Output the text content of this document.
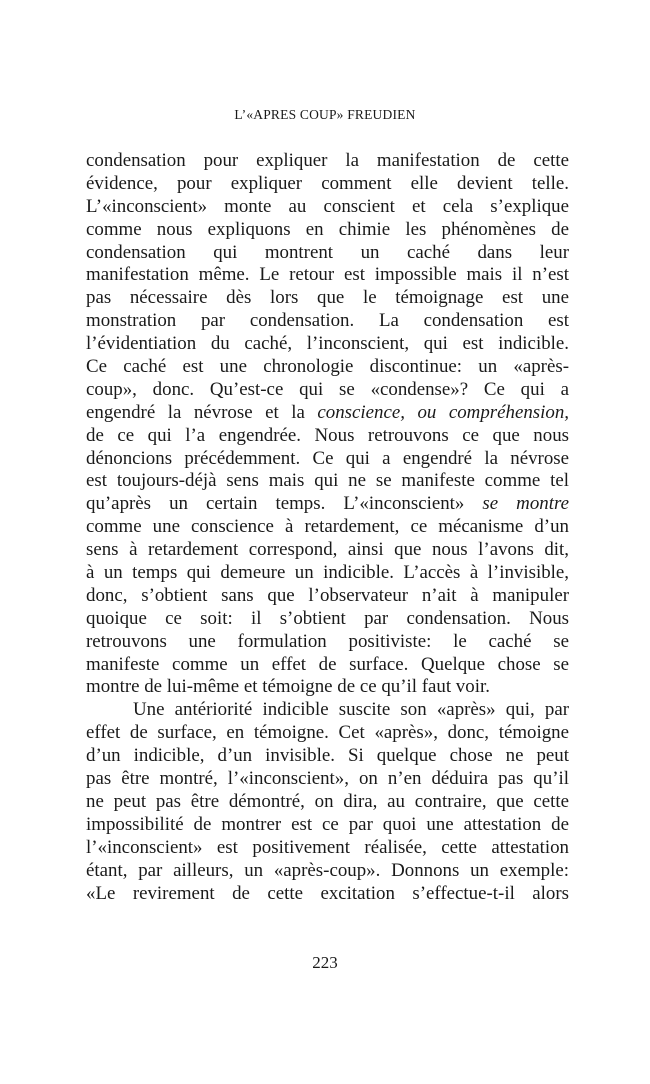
L’«APRES COUP» FREUDIEN
condensation pour expliquer la manifestation de cette
évidence, pour expliquer comment elle devient telle.
L’«inconscient» monte au conscient et cela s’explique
comme nous expliquons en chimie les phénomènes de
condensation qui montrent un caché dans leur
manifestation même. Le retour est impossible mais il n’est
pas nécessaire dès lors que le témoignage est une
monstration par condensation. La condensation est
l’évidentiation du caché, l’inconscient, qui est indicible.
Ce caché est une chronologie discontinue: un «après-
coup», donc. Qu’est-ce qui se «condense»? Ce qui a
engendré la névrose et la conscience, ou compréhension,
de ce qui l’a engendrée. Nous retrouvons ce que nous
dénoncions précédemment. Ce qui a engendré la névrose
est toujours-déjà sens mais qui ne se manifeste comme tel
qu’après un certain temps. L’«inconscient» se montre
comme une conscience à retardement, ce mécanisme d’un
sens à retardement correspond, ainsi que nous l’avons dit,
à un temps qui demeure un indicible. L’accès à l’invisible,
donc, s’obtient sans que l’observateur n’ait à manipuler
quoique ce soit: il s’obtient par condensation. Nous
retrouvons une formulation positiviste: le caché se
manifeste comme un effet de surface. Quelque chose se
montre de lui-même et témoigne de ce qu’il faut voir.
Une antériorité indicible suscite son «après» qui, par
effet de surface, en témoigne. Cet «après», donc, témoigne
d’un indicible, d’un invisible. Si quelque chose ne peut
pas être montré, l’«inconscient», on n’en déduira pas qu’il
ne peut pas être démontré, on dira, au contraire, que cette
impossibilité de montrer est ce par quoi une attestation de
l’«inconscient» est positivement réalisée, cette attestation
étant, par ailleurs, un «après-coup». Donnons un exemple:
«Le revirement de cette excitation s’effectue-t-il alors
223
